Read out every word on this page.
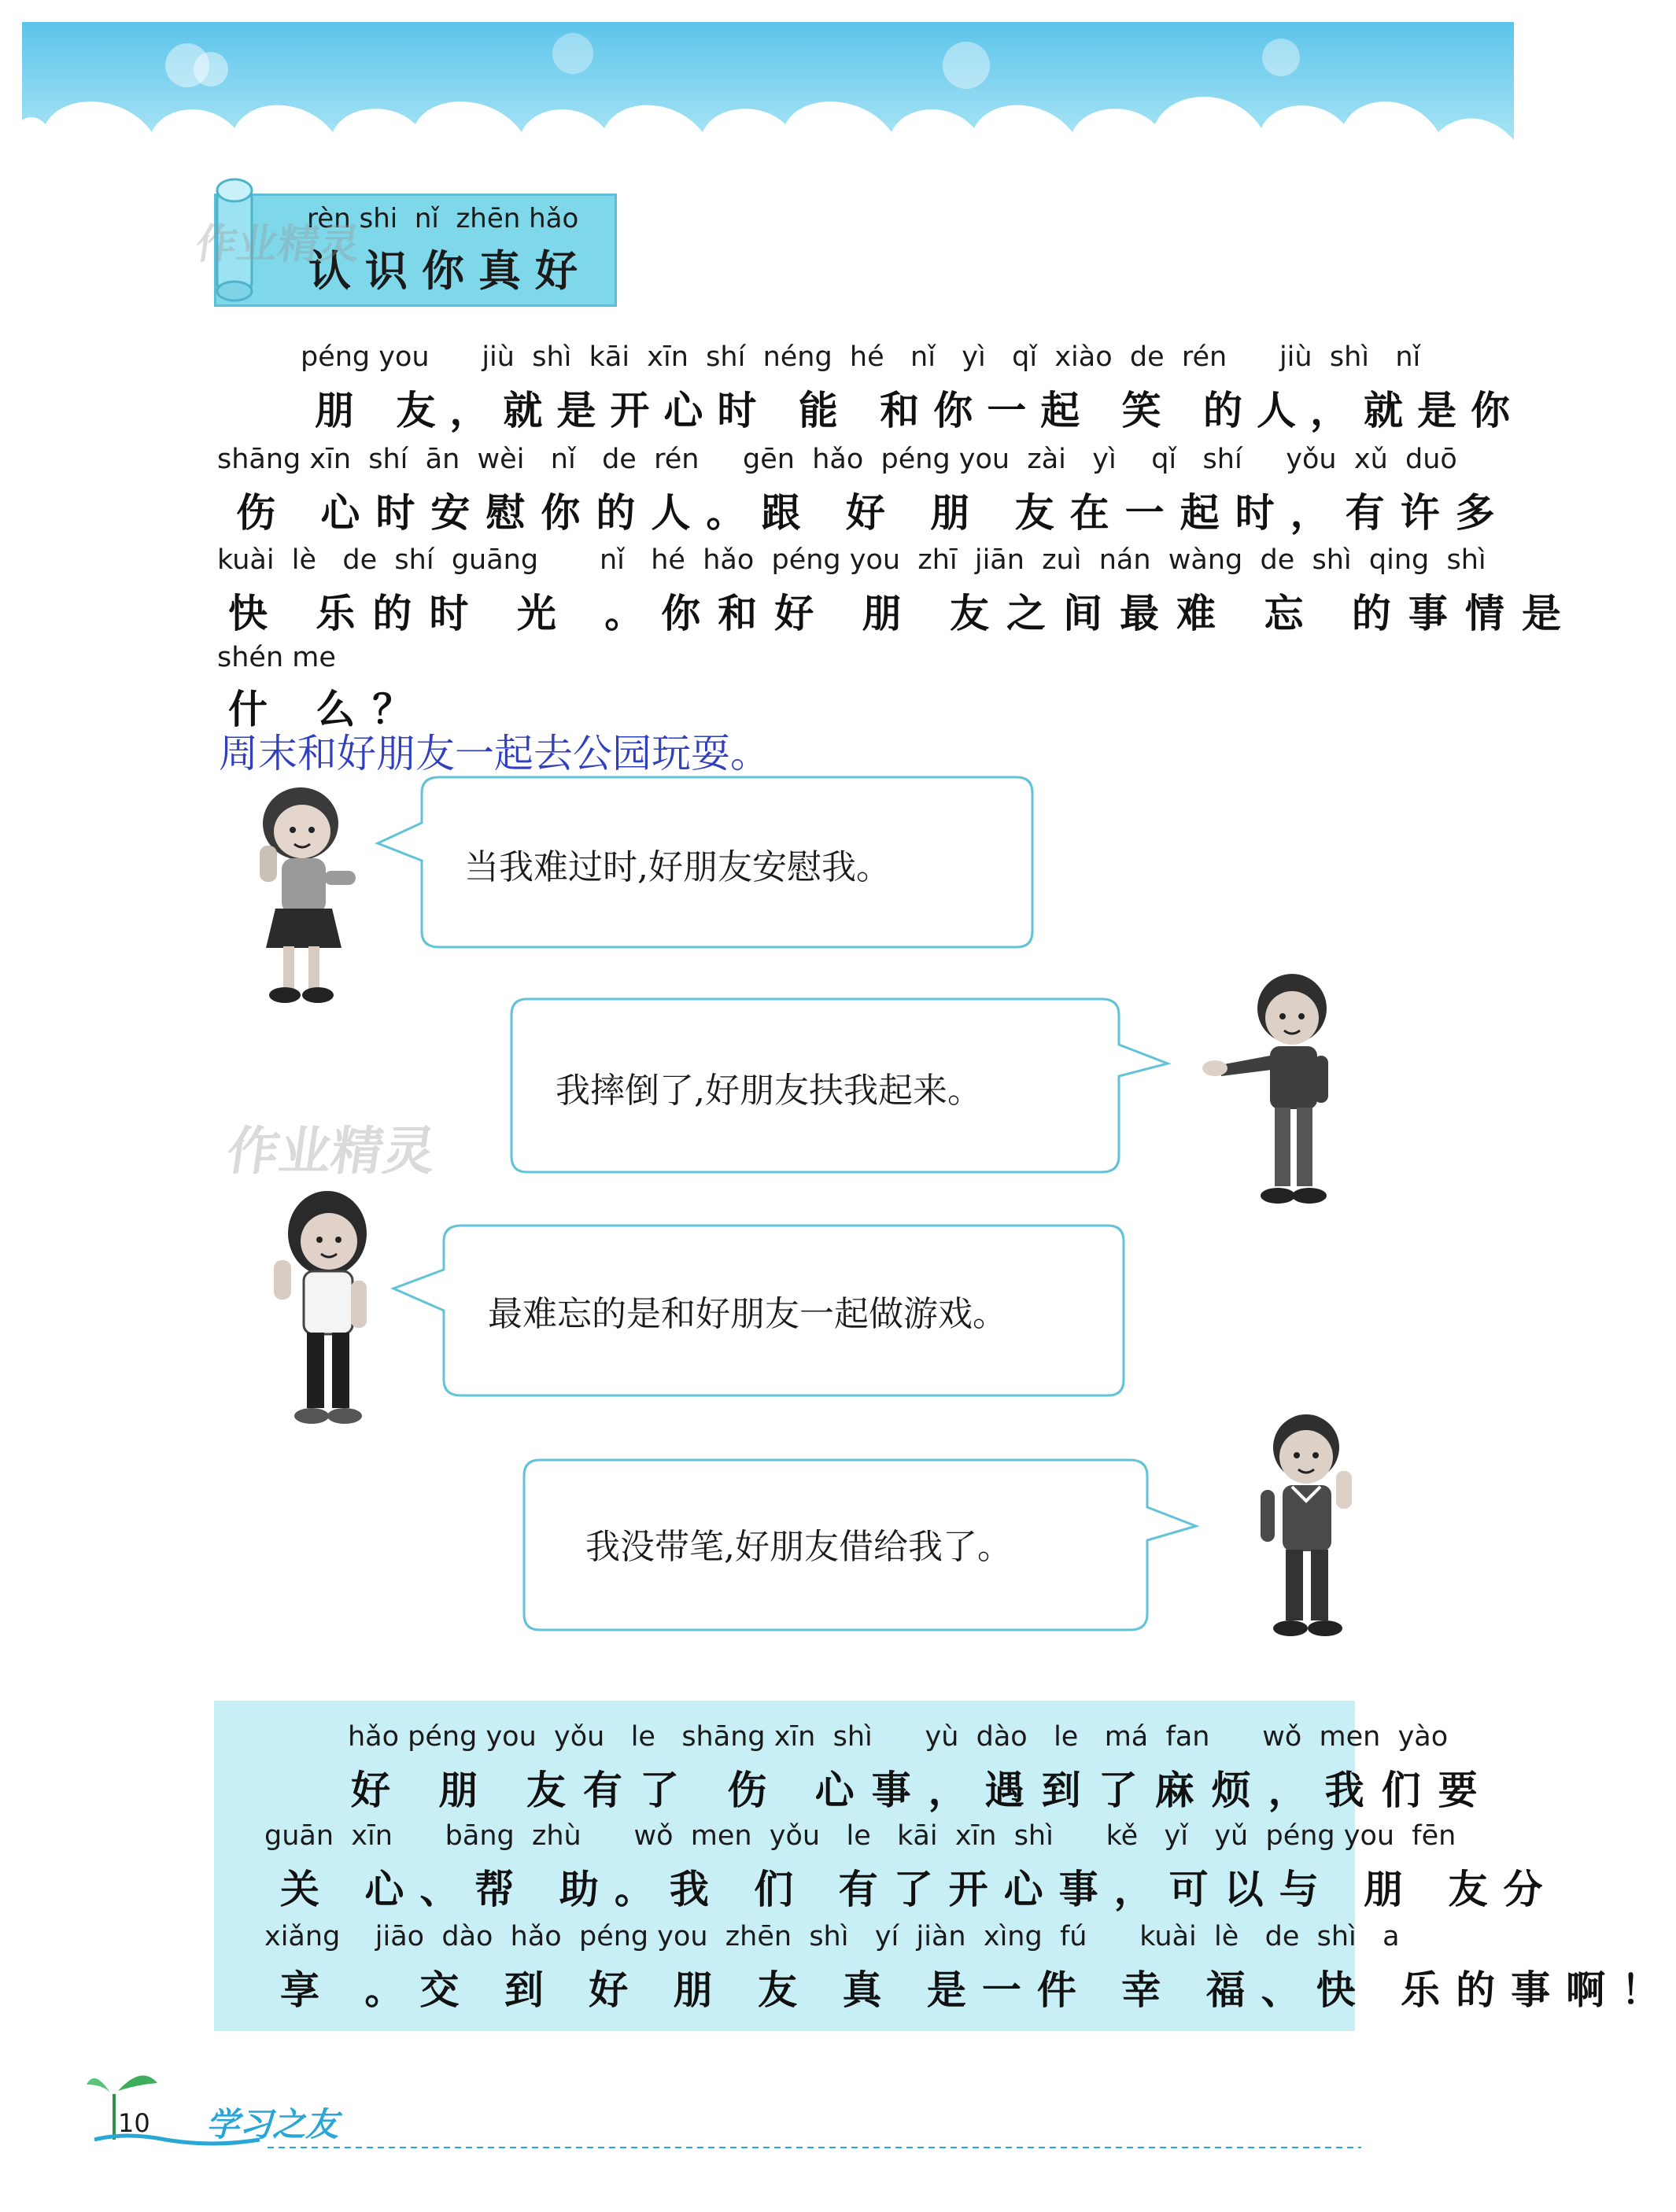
rèn shi  nǐ  zhēn hǎo
认识你真好
作业精灵
作业精灵
péng you      jiù  shì  kāi  xīn  shí  néng  hé   nǐ   yì   qǐ  xiào  de  rén      jiù  shì   nǐ
朋 友，就是开心时 能 和你一起 笑 的人，就是你
shāng xīn  shí  ān  wèi   nǐ   de  rén     gēn  hǎo  péng you  zài   yì    qǐ   shí     yǒu  xǔ  duō
伤 心时安慰你的人。跟 好 朋 友在一起时，有许多
kuài  lè   de  shí  guāng       nǐ   hé  hǎo  péng you  zhī  jiān  zuì  nán  wàng  de  shì  qing  shì
快 乐的时 光 。你和好 朋 友之间最难 忘 的事情是
shén me
什 么？
周末和好朋友一起去公园玩耍。
当我难过时,好朋友安慰我。
我摔倒了,好朋友扶我起来。
最难忘的是和好朋友一起做游戏。
我没带笔,好朋友借给我了。
hǎo péng you  yǒu   le   shāng xīn  shì      yù  dào   le   má  fan      wǒ  men  yào
好 朋 友有了 伤 心事，遇到了麻烦，我们要
guān  xīn      bāng  zhù      wǒ  men  yǒu   le   kāi  xīn  shì      kě   yǐ   yǔ  péng you  fēn
关 心、帮 助。我 们 有了开心事，可以与 朋 友分
xiǎng    jiāo  dào  hǎo  péng you  zhēn  shì   yí  jiàn  xìng  fú      kuài  lè   de  shì   a
享 。交 到 好 朋 友 真 是一件 幸 福、快 乐的事啊！
10 学习之友
